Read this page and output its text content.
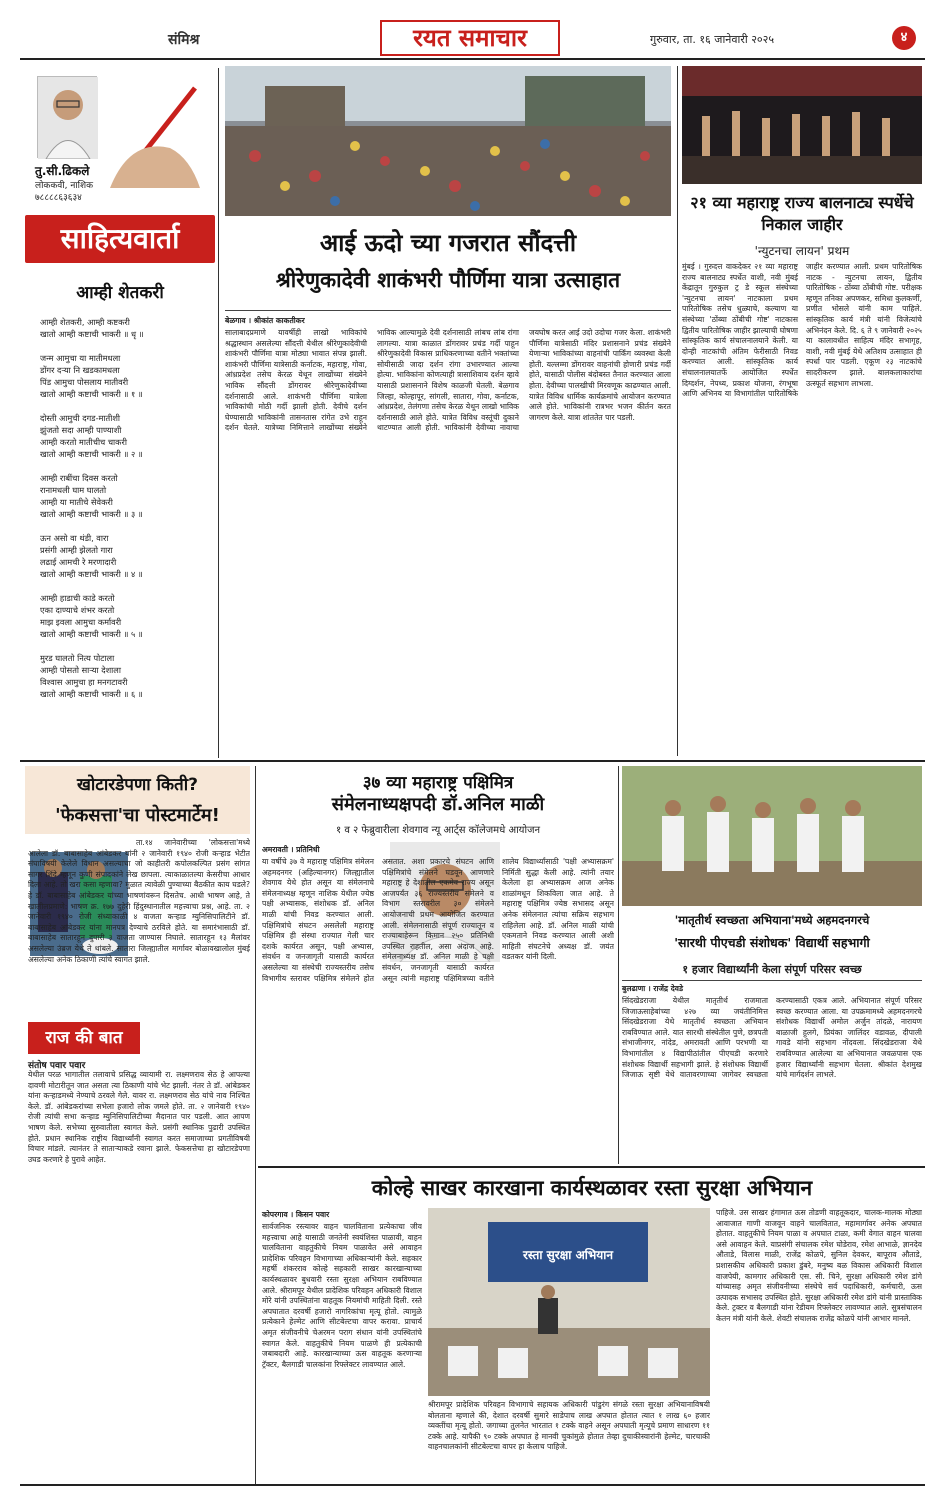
संमिश्र	रयत समाचार	गुरुवार, ता. १६ जानेवारी २०२५	४
तु.सी.ढिकले
लोककवी, नाशिक
७८८८८६३६३४
साहित्यवार्ता
आम्ही शेतकरी
आम्ही शेतकरी, आम्ही कष्टकरी
खातो आम्ही कष्टाची भाकरी ॥ धृ ॥
जन्म आमुचा या मातीमधला
डोंगर दऱ्या नि खडकामधला
पिंड आमुचा पोसलाय मातीवरी
खातो आम्ही कष्टाची भाकरी ॥ १ ॥
दोस्ती आमुची दगड-मातीशी
झुंजतो सदा आम्ही पाण्याशी
आम्ही करतो मातीचीच चाकरी
खातो आम्ही कष्टाची भाकरी ॥ २ ॥
आम्ही राबींचा दिवस करतो
रानामधली घाम घालतो
आम्ही या मातीचे सेवेकरी
खातो आम्ही कष्टाची भाकरी ॥ ३ ॥
ऊन असो वा थंडी, वारा
प्रसंगी आम्ही झेलतो गारा
लढाई आमची रे मरणादारी
खातो आम्ही कष्टाची भाकरी ॥ ४ ॥
आम्ही हाडाची काडे करतो
एका दाण्याचे शंभर करतो
माझ इवला आमुचा कर्मावरी
खातो आम्ही कष्टाची भाकरी ॥ ५ ॥
मुरड घालतो नित्य पोटाला
आम्ही पोसतो साऱ्या देशाला
विश्वास आमुचा हा मनगटावरी
खातो आम्ही कष्टाची भाकरी ॥ ६ ॥
आई ऊदो च्या गजरात सौंदत्ती
श्रीरेणुकादेवी शाकंभरी पौर्णिमा यात्रा उत्साहात
बेळगाव । श्रीकांत काकतीकर
सालाबादप्रमाणे यावर्षीही लाखो भाविकांचे श्रद्धास्थान असलेल्या सौंदत्ती येथील श्रीरेणुकादेवीची शाकंभरी पौर्णिमा यात्रा मोठ्या भावात संपन्न झाली. शाकंभरी पौर्णिमा यात्रेसाठी कर्नाटक, महाराष्ट्र, गोवा, आंध्रप्रदेश तसेच केरळ येथून लाखोंच्या संख्येने भाविक सौंदत्ती डोंगरावर श्रीरेणुकादेवीच्या दर्शनासाठी आले. शाकंभरी पौर्णिमा यात्रेला भाविकांची मोठी गर्दी झाली होती. देवीचे दर्शन घेण्यासाठी भाविकांनी तासनतास रांगेत उभे राहून दर्शन घेतले. यात्रेच्या निमित्ताने लाखोंच्या संख्येने भाविक आल्यामुळे देवी दर्शनासाठी लांबच लांब रांगा लागल्या. यात्रा काळात डोंगरावर प्रचंड गर्दी पाहून श्रीरेणुकादेवी विकास प्राधिकरणाच्या वतीने भक्तांच्या सोयीसाठी जादा दर्शन रांगा उभारण्यात आल्या होत्या. भाविकांना कोणत्याही त्रासाशिवाय दर्शन व्हावे यासाठी प्रशासनाने विशेष काळजी घेतली. बेळगाव जिल्हा, कोल्हापूर, सांगली, सातारा, गोवा, कर्नाटक, आंध्रप्रदेश, तेलंगणा तसेच केरळ येथून लाखो भाविक दर्शनासाठी आले होते. यात्रेत विविध वस्तूंची दुकाने थाटण्यात आली होती. भाविकांनी देवीच्या नावाचा जयघोष करत आई उदो उदोचा गजर केला. शाकंभरी पौर्णिमा यात्रेसाठी मंदिर प्रशासनाने प्रचंड संख्येने येणाऱ्या भाविकांच्या वाहनांची पार्किंग व्यवस्था केली होती. यल्लम्मा डोंगरावर वाहनांची होणारी प्रचंड गर्दी होते, यासाठी पोलीस बंदोबस्त तैनात करण्यात आला होता. देवीच्या पालखीची मिरवणूक काढण्यात आली. यात्रेत विविध धार्मिक कार्यक्रमांचे आयोजन करण्यात आले होते. भाविकांनी रात्रभर भजन कीर्तन करत जागरण केले. यात्रा शांततेत पार पडली.
२१ व्या महाराष्ट्र राज्य बालनाट्य स्पर्धेचे निकाल जाहीर
'न्युटनचा लायन' प्रथम
मुंबई । गुरुदत्त वाकदेकर २१ व्या महाराष्ट्र राज्य बालनाट्य स्पर्धेत वाशी, नवी मुंबई केंद्रातून गुरुकुल ट्र डे स्कूल संस्थेच्या 'न्युटनचा लायन' नाटकाला प्रथम पारितोषिक तसेच धुळ्याचे, कल्याण या संस्थेच्या 'ठोंब्या ठोंबीची गोष्ट' नाटकास द्वितीय पारितोषिक जाहीर झाल्याची घोषणा सांस्कृतिक कार्य संचालनालयाने केली. या दोन्ही नाटकांची अंतिम फेरीसाठी निवड करण्यात आली. सांस्कृतिक कार्य संचालनालयातर्फे आयोजित स्पर्धेत दिग्दर्शन, नेपथ्य, प्रकाश योजना, रंगभूषा आणि अभिनय या विभागांतील पारितोषिके जाहीर करण्यात आली. प्रथम पारितोषिक नाटक - न्युटनचा लायन, द्वितीय पारितोषिक - ठोंब्या ठोंबीची गोष्ट. परीक्षक म्हणून तनिका अपणकर, समिधा कुलकर्णी, प्रणीत भोसले यांनी काम पाहिले. सांस्कृतिक कार्य मंत्री यांनी विजेत्यांचे अभिनंदन केले. दि. ६ ते ९ जानेवारी २०२५ या कालावधीत साहित्य मंदिर सभागृह, वाशी, नवी मुंबई येथे अतिशय उत्साहात ही स्पर्धा पार पडली. एकूण २३ नाटकांचे सादरीकरण झाले. बालकलाकारांचा उत्स्फूर्त सहभाग लाभला.
खोटारडेपणा किती?
'फेकसत्ता'चा पोस्टमार्टेम!
ता.१४ जानेवारीच्या 'लोकसत्ता'मध्ये आलेला डॉ. बाबासाहेब आंबेडकर यांनी २ जानेवारी १९४० रोजी कऱ्हाड भेटीत संघाविषयी केलेले विधान असल्याचा जो काहीतरी कपोलकल्पित प्रसंग सांगत सागर शिंदे म्हणून कुणी संपादकांने लेख छापला. त्याकाळातल्या केसरीचा आधार दिला आहे. तो खरा कसा म्हणावा? मुळात त्यावेळी पुण्याच्या बैठकीत काय घडले? हे डॉ. बाबासाहेब आंबेडकर यांच्या भाषणांवरून दिसतेच. आधी भाषण आहे, ते खालीलप्रमाणे: भाषण क्र. १७७ दुहेरी हिंदुस्थानातील महत्त्वाचा प्रश्न, आहे. ता. २ जानेवारी १९४० रोजी संध्याकाळी ४ वाजता कऱ्हाड म्युनिसिपालिटीने डॉ. बाबासाहेब आंबेडकर यांना मानपत्र देण्याचे ठरविले होते. या समारंभासाठी डॉ. बाबासाहेब सातारहून दुपारी ३ वाजता जाण्यास निघाले. सातारहून १३ मैलांवर असलेल्या उंब्रज येथे ते थांबले. सातारा जिल्ह्यातील मार्गावर बोळावखालोल मुंबई असलेल्या अनेक ठिकाणी त्यांचे स्वागत झाले.
राज की बात
संतोष पवार पवार
येथील परळ भागातील तलावाचे प्रसिद्ध व्यायामी रा. लक्ष्मणराव सेठ हे आपल्या दावणी मोटारीतून जात असता त्या ठिकाणी यांचे भेट झाली. नंतर ते डॉ. आंबेडकर यांना कऱ्हाडमध्ये नेण्याचे ठरवले गेले. यावर रा. लक्ष्मणराव सेठ यांचे नाव निश्चित केले. डॉ. आंबेडकरांच्या सभेला हजारो लोक जमले होते. ता. २ जानेवारी १९४० रोजी त्यांची सभा कऱ्हाड म्युनिसिपालिटीच्या मैदानात पार पडली. आत आपण भाषण केले. सभेच्या सुरुवातीला स्वागत केले. प्रसंगी स्थानिक पुढारी उपस्थित होते. प्रधान स्थानिक राष्ट्रीय विद्यार्थ्यांनी स्वागत करत समाजाच्या प्रगतीविषयी विचार मांडले. त्यानंतर ते साताऱ्याकडे रवाना झाले. फेकसत्तेचा हा खोटारडेपणा उघड करणारे हे पुरावे आहेत.
३७ व्या महाराष्ट्र पक्षिमित्र
संमेलनाध्यक्षपदी डॉ.अनिल माळी
१ व २ फेब्रुवारीला शेवगाव न्यू आर्ट्स कॉलेजमधे आयोजन
अमरावती । प्रतिनिधी
या वर्षीचे ३७ वे महाराष्ट्र पक्षिमित्र संमेलन अहमदनगर (अहिल्यानगर) जिल्ह्यातील शेवगाव येथे होत असून या संमेलनाचे संमेलनाध्यक्ष म्हणून नाशिक येथील ज्येष्ठ पक्षी अभ्यासक, संशोधक डॉ. अनिल माळी यांची निवड करण्यात आली. पक्षिमित्रांचे संघटन असलेली महाराष्ट्र पक्षिमित्र ही संस्था राज्यात गेली चार दशके कार्यरत असून, पक्षी अभ्यास, संवर्धन व जनजागृती यासाठी कार्यरत असलेल्या या संस्थेची राज्यस्तरीय तसेच विभागीय स्तरावर पक्षिमित्र संमेलने होत असतात. अशा प्रकारचे संघटन आणि पक्षिमित्रांचे संमेलने घडवून आणणारे महाराष्ट्र हे देशातील एकमेव राज्य असून आजपर्यंत ३६ राज्यस्तरीय संमेलने व विभाग स्तरावरील ३० संमेलने आयोजनाची प्रथम आयोजित करण्यात आली. संमेलनासाठी संपूर्ण राज्यातून व राज्याबाहेरून किमान २५० प्रतिनिधी उपस्थित राहतील, असा अंदाज आहे. संमेलनाध्यक्ष डॉ. अनिल माळी हे पक्षी संवर्धन, जनजागृती यासाठी कार्यरत असून त्यांनी महाराष्ट्र पक्षिमित्रच्या वतीने शालेय विद्यार्थ्यांसाठी 'पक्षी अभ्यासक्रम' निर्मिती सुद्धा केली आहे. त्यांनी तयार केलेला हा अभ्यासक्रम आज अनेक शाळांमधून शिकविला जात आहे. ते महाराष्ट्र पक्षिमित्र ज्येष्ठ सभासद असून अनेक संमेलनात त्यांचा सक्रिय सहभाग राहिलेला आहे. डॉ. अनिल माळी यांची एकमताने निवड करण्यात आली अशी माहिती संघटनेचे अध्यक्ष डॉ. जयंत वडतकर यांनी दिली.
'मातृतीर्थ स्वच्छता अभियाना'मध्ये अहमदनगरचे
'सारथी पीएचडी संशोधक' विद्यार्थी सहभागी
१ हजार विद्यार्थ्यांनी केला संपूर्ण परिसर स्वच्छ
बुलढाणा । राजेंद्र देवडे
सिंदखेडराजा येथील मातृतीर्थ राजमाता जिजाऊसाहेबांच्या ४२७ व्या जयंतीनिमित्त सिंदखेडराजा येथे मातृतीर्थ स्वच्छता अभियान राबविण्यात आले. यात सारथी संस्थेतील पुणे, छत्रपती संभाजीनगर, नांदेड, अमरावती आणि परभणी या विभागांतील ४ विद्यापीठांतील पीएचडी करणारे संशोधक विद्यार्थी सहभागी झाले. हे संशोधक विद्यार्थी जिजाऊ सृष्टी येथे वातावरणाच्या जागेवर स्वच्छता करण्यासाठी एकत्र आले. अभियानात संपूर्ण परिसर स्वच्छ करण्यात आला. या उपक्रमामध्ये अहमदनगरचे संशोधक विद्यार्थी अमोल अर्जुन तांदळे, नारायण बाळाजी हुलगे, प्रियंका जालिंदर वडावळ, दीपाली गावडे यांनी सहभाग नोंदवला. सिंदखेडराजा येथे राबविण्यात आलेल्या या अभियानात जवळपास एक हजार विद्यार्थ्यांनी सहभाग घेतला. श्रीकांत देशमुख यांचे मार्गदर्शन लाभले.
कोल्हे साखर कारखाना कार्यस्थळावर रस्ता सुरक्षा अभियान
कोपरगाव । किसन पवार
सार्वजनिक रस्त्यावर वाहन चालविताना प्रत्येकाचा जीव महत्त्वाचा आहे यासाठी जनतेनी स्वयंशिस्त पाळावी, वाहन चालविताना वाहतुकीचे नियम पाळावेत असे आवाहन प्रादेशिक परिवहन विभागाच्या अधिकाऱ्यांनी केले. सहकार महर्षी शंकरराव कोल्हे सहकारी साखर कारखान्याच्या कार्यस्थळावर बुधवारी रस्ता सुरक्षा अभियान राबविण्यात आले. श्रीरामपूर येथील प्रादेशिक परिवहन अधिकारी विशाल मोरे यांनी उपस्थितांना वाहतूक नियमांची माहिती दिली. रस्ते अपघातात दरवर्षी हजारो नागरिकांचा मृत्यू होतो. त्यामुळे प्रत्येकाने हेल्मेट आणि सीटबेल्टचा वापर करावा. प्राचार्य अमृत संजीवनीचे चेअरमन पराग संधान यांनी उपस्थितांचे स्वागत केले. वाहतुकीचे नियम पाळणे ही प्रत्येकाची जबाबदारी आहे. कारखान्याच्या ऊस वाहतूक करणाऱ्या ट्रॅक्टर, बैलगाडी चालकांना रिफ्लेक्टर लावण्यात आले.
रस्ता सुरक्षा अभियान
श्रीरामपूर प्रादेशिक परिवहन विभागाचे सहायक अधिकारी पांडुरंग संगळे रस्ता सुरक्षा अभियानाविषयी बोलताना म्हणाले की, देशात दरवर्षी सुमारे साडेपाच लाख अपघात होतात त्यात १ लाख ६० हजार व्यक्तींचा मृत्यू होतो. जगाच्या तुलनेत भारतात १ टक्के वाहने असून अपघाती मृत्यूचे प्रमाण साधारण ११ टक्के आहे. यापैकी ९० टक्के अपघात हे मानवी चुकांमुळे होतात तेव्हा दुचाकीस्वारांनी हेल्मेट, चारचाकी वाहनचालकांनी सीटबेल्टचा वापर हा केलाच पाहिजे.
पाहिजे. उस साखर हंगामात ऊस तोडणी वाहतूकदार, चालक-मालक मोठ्या आवाजात गाणी वाजवून वाहने चालवितात, महामार्गावर अनेक अपघात होतात. वाहतुकीचे नियम पाळा व अपघात टाळा, कमी वेगात वाहन चालवा असे आवाहन केले. याप्रसंगी संचालक रमेश घोडेराव, रमेश आभाळे, ज्ञानदेव औताडे, विलास माळी, राजेंद्र कोळपे, सुनिल देवकर, बापूराव औताडे, प्रशासकीय अधिकारी प्रकाश डुंबरे, मनुष्य बळ विकास अधिकारी विशाल वाजपेयी, कामगार अधिकारी एस. सी. चिने, सुरक्षा अधिकारी रमेश डांगे यांच्यासह अमृत संजीवनीच्या संस्थेचे सर्व पदाधिकारी, कर्मचारी, ऊस उत्पादक सभासद उपस्थित होते. सुरक्षा अधिकारी रमेश डांगे यांनी प्रास्ताविक केले. ट्रक्टर व बैलगाडी यांना रेडीयम रिफ्लेक्टर लावण्यात आले. सुत्रसंचालन केतन मंत्री यांनी केले. शेवटी संचालक राजेंद्र कोळपे यांनी आभार मानले.
